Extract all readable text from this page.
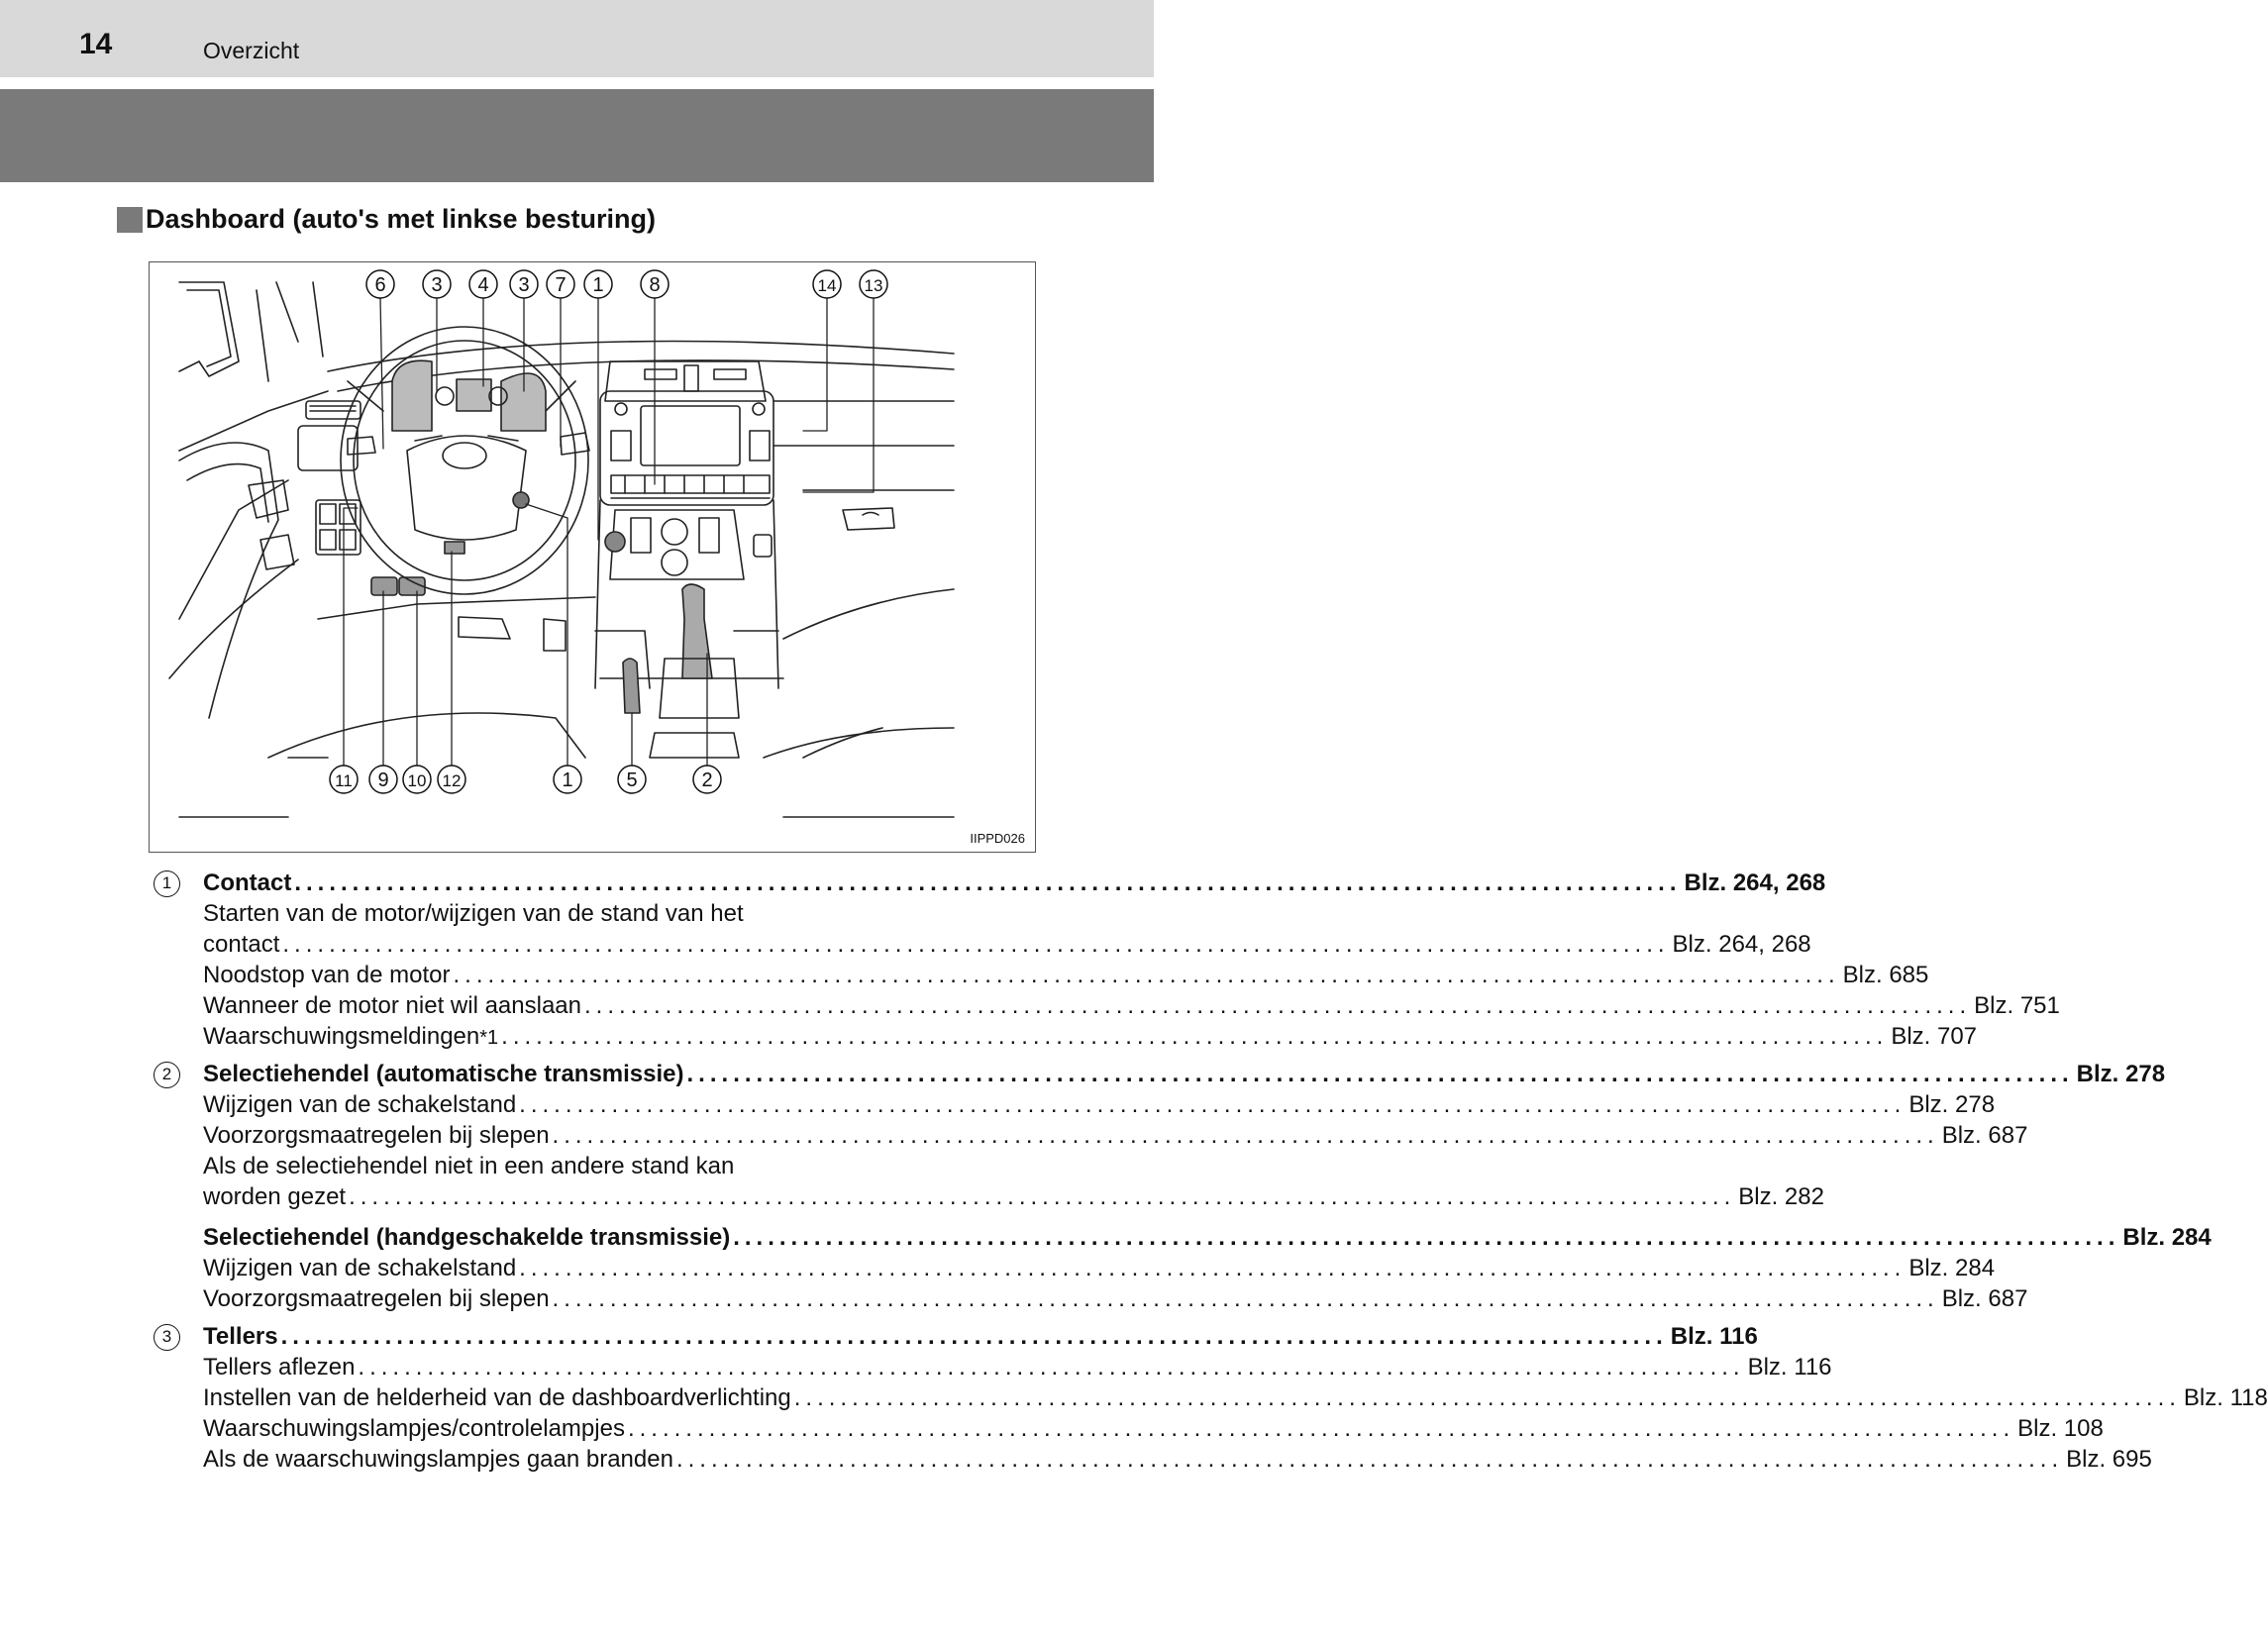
14	Overzicht
Dashboard (auto's met linkse besturing)
6 3 4 3 7 1 8	14 13
11 9 10 12	1	5	2
IIPPD026
1	Contact ........................................................................................................................ Blz. 264, 268
Starten van de motor/wijzigen van de stand van het
contact ........................................................................................................................ Blz. 264, 268
Noodstop van de motor ........................................................................................................................ Blz. 685
Wanneer de motor niet wil aanslaan ........................................................................................................................ Blz. 751
Waarschuwingsmeldingen *1 ........................................................................................................................ Blz. 707
2	Selectiehendel (automatische transmissie) ........................................................................................................................ Blz. 278
Wijzigen van de schakelstand ........................................................................................................................ Blz. 278
Voorzorgsmaatregelen bij slepen ........................................................................................................................ Blz. 687
Als de selectiehendel niet in een andere stand kan
worden gezet ........................................................................................................................ Blz. 282
Selectiehendel (handgeschakelde transmissie) ........................................................................................................................ Blz. 284
Wijzigen van de schakelstand ........................................................................................................................ Blz. 284
Voorzorgsmaatregelen bij slepen ........................................................................................................................ Blz. 687
3	Tellers ........................................................................................................................ Blz. 116
Tellers aflezen ........................................................................................................................ Blz. 116
Instellen van de helderheid van de dashboardverlichting ........................................................................................................................ Blz. 118
Waarschuwingslampjes/controlelampjes ........................................................................................................................ Blz. 108
Als de waarschuwingslampjes gaan branden ........................................................................................................................ Blz. 695
